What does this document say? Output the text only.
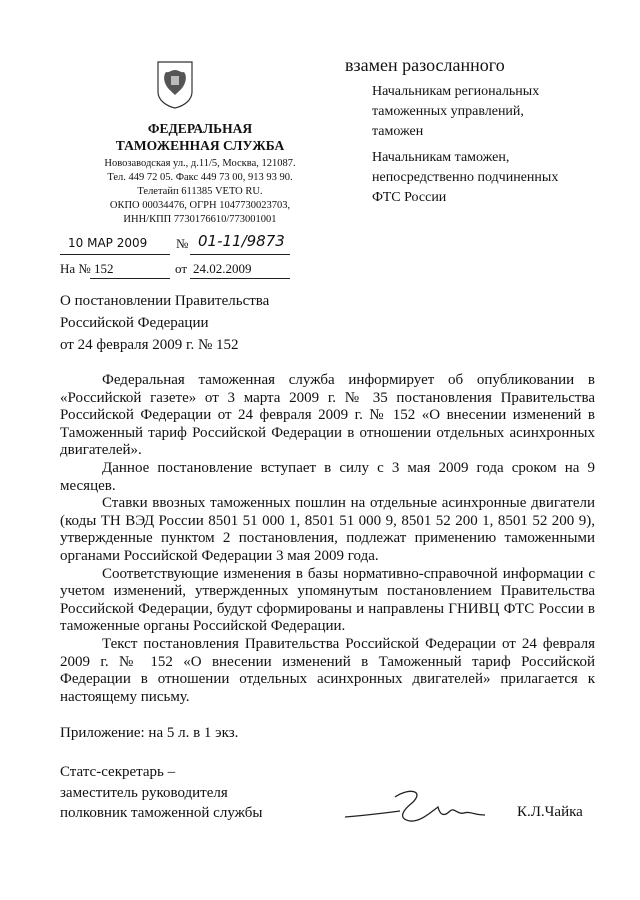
ФЕДЕРАЛЬНАЯ
ТАМОЖЕННАЯ СЛУЖБА
Новозаводская ул., д.11/5, Москва, 121087.
Тел. 449 72 05. Факс 449 73 00, 913 93 90.
Телетайп 611385 VETO RU.
ОКПО 00034476, ОГРН 1047730023703,
ИНН/КПП 7730176610/773001001
10 МАР 2009 № 01-11/9873
На № 152	от 24.02.2009
взамен разосланного
Начальникам региональных
таможенных управлений,
таможен
Начальникам таможен,
непосредственно подчиненных
ФТС России
О постановлении Правительства
Российской Федерации
от 24 февраля 2009 г. № 152

Федеральная таможенная служба информирует об опубликовании в «Российской газете» от 3 марта 2009 г. № 35 постановления Правительства Российской Федерации от 24 февраля 2009 г. № 152 «О внесении изменений в Таможенный тариф Российской Федерации в отношении отдельных асинхронных двигателей».

Данное постановление вступает в силу с 3 мая 2009 года сроком на 9 месяцев.

Ставки ввозных таможенных пошлин на отдельные асинхронные двигатели (коды ТН ВЭД России 8501 51 000 1, 8501 51 000 9, 8501 52 200 1, 8501 52 200 9), утвержденные пунктом 2 постановления, подлежат применению таможенными органами Российской Федерации 3 мая 2009 года.

Соответствующие изменения в базы нормативно-справочной информации с учетом изменений, утвержденных упомянутым постановлением Правительства Российской Федерации, будут сформированы и направлены ГНИВЦ ФТС России в таможенные органы Российской Федерации.

Текст постановления Правительства Российской Федерации от 24 февраля 2009 г. № 152 «О внесении изменений в Таможенный тариф Российской Федерации в отношении отдельных асинхронных двигателей» прилагается к настоящему письму.

Приложение: на 5 л. в 1 экз.
Статс-секретарь –
заместитель руководителя
полковник таможенной службы	К.Л.Чайка
